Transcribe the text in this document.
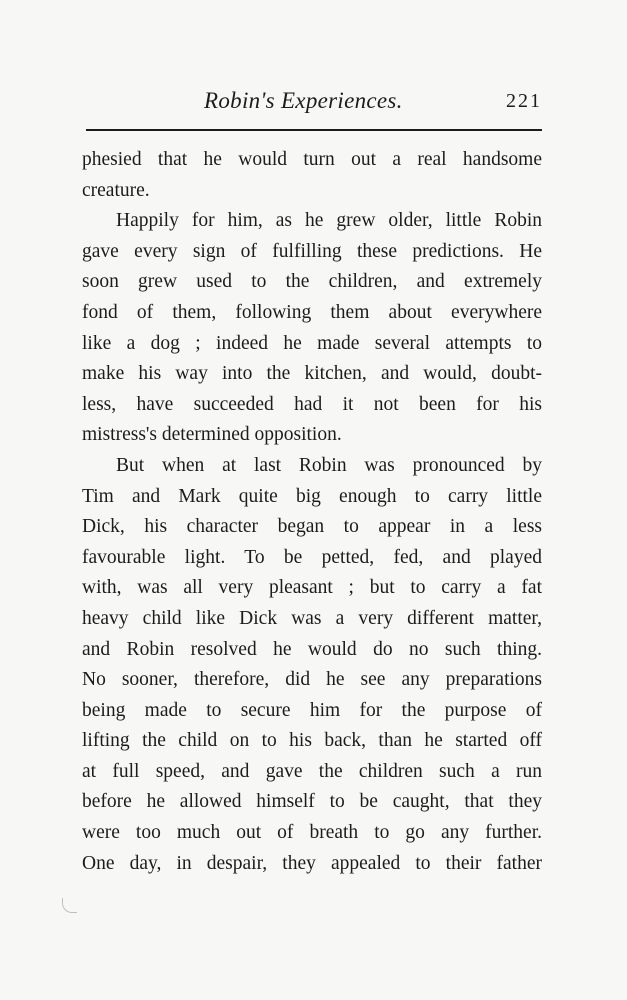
Robin's Experiences.	221
phesied that he would turn out a real handsome
creature.
Happily for him, as he grew older, little Robin
gave every sign of fulfilling these predictions. He
soon grew used to the children, and extremely
fond of them, following them about everywhere
like a dog ; indeed he made several attempts to
make his way into the kitchen, and would, doubt-
less, have succeeded had it not been for his
mistress's determined opposition.
But when at last Robin was pronounced by
Tim and Mark quite big enough to carry little
Dick, his character began to appear in a less
favourable light. To be petted, fed, and played
with, was all very pleasant ; but to carry a fat
heavy child like Dick was a very different matter,
and Robin resolved he would do no such thing.
No sooner, therefore, did he see any preparations
being made to secure him for the purpose of
lifting the child on to his back, than he started off
at full speed, and gave the children such a run
before he allowed himself to be caught, that they
were too much out of breath to go any further.
One day, in despair, they appealed to their father
